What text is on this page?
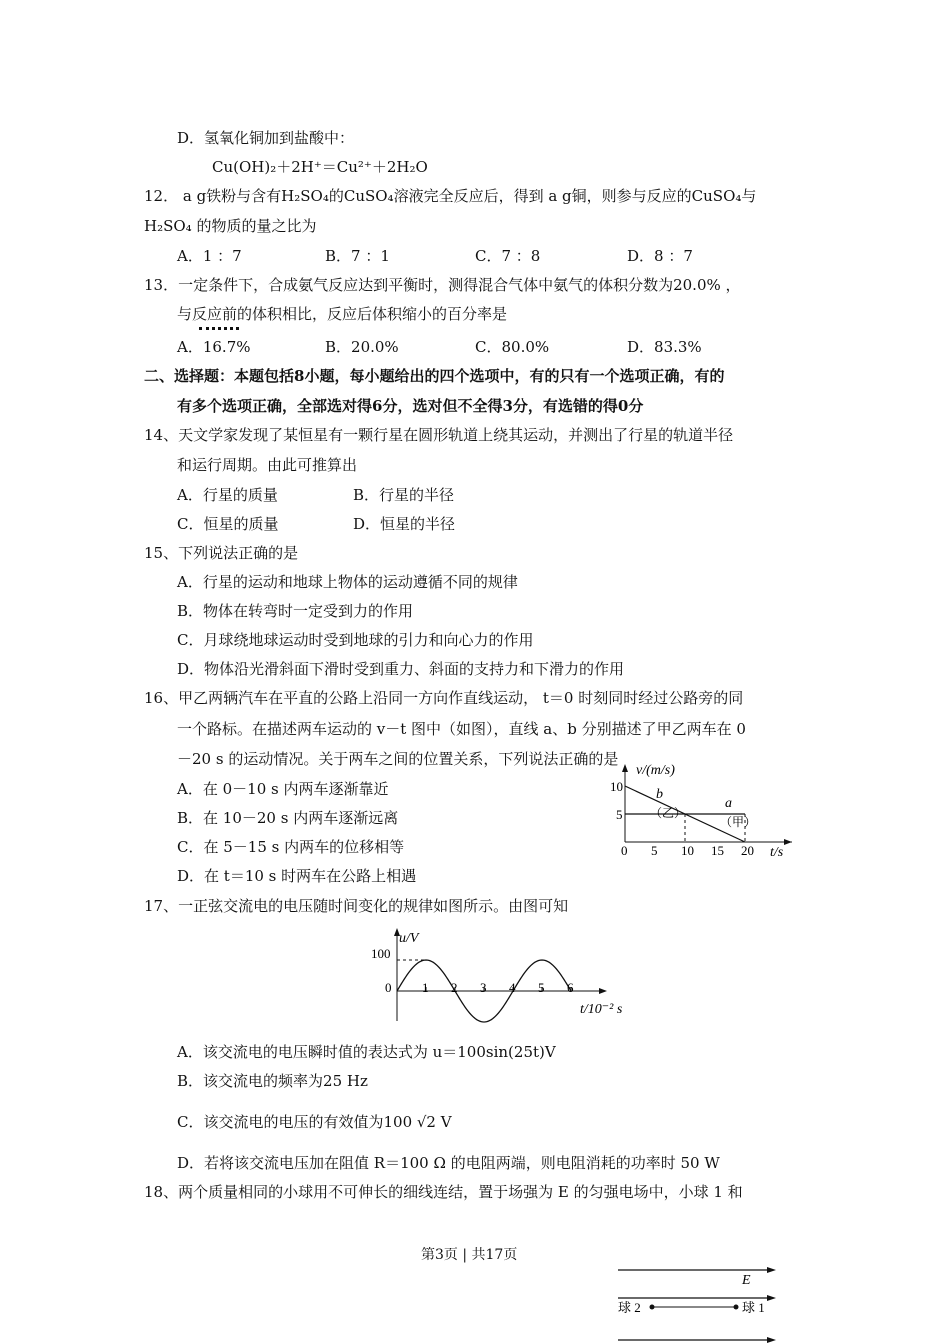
D．氢氧化铜加到盐酸中：
Cu(OH)₂＋2H⁺＝Cu²⁺＋2H₂O
12． a g铁粉与含有H₂SO₄的CuSO₄溶液完全反应后，得到 a g铜，则参与反应的CuSO₄与
H₂SO₄ 的物质的量之比为
A．1 ：7	B．7 ：1	C．7 ：8	D．8 ：7
13．一定条件下，合成氨气反应达到平衡时，测得混合气体中氨气的体积分数为20.0% ，
与反应前的体积相比，反应后体积缩小的百分率是
A．16.7%	B．20.0%	C．80.0%	D．83.3%
二、选择题：本题包括8小题，每小题给出的四个选项中，有的只有一个选项正确，有的
有多个选项正确，全部选对得6分，选对但不全得3分，有选错的得0分
14、天文学家发现了某恒星有一颗行星在圆形轨道上绕其运动，并测出了行星的轨道半径
和运行周期。由此可推算出
A．行星的质量	B．行星的半径
C．恒星的质量	D．恒星的半径
15、下列说法正确的是
A．行星的运动和地球上物体的运动遵循不同的规律
B．物体在转弯时一定受到力的作用
C．月球绕地球运动时受到地球的引力和向心力的作用
D．物体沿光滑斜面下滑时受到重力、斜面的支持力和下滑力的作用
16、甲乙两辆汽车在平直的公路上沿同一方向作直线运动， t＝0 时刻同时经过公路旁的同
一个路标。在描述两车运动的 v－t 图中（如图），直线 a、b 分别描述了甲乙两车在 0
－20 s 的运动情况。关于两车之间的位置关系，下列说法正确的是
A．在 0－10 s 内两车逐渐靠近
B．在 10－20 s 内两车逐渐远离
C．在 5－15 s 内两车的位移相等
D．在 t＝10 s 时两车在公路上相遇
0 5 10 15 20
10
5
v/(m/s)
t/s
b
（乙）
a
（甲）
17、一正弦交流电的电压随时间变化的规律如图所示。由图可知
1 2 3 4 5 6
u/V
100
0
t/10⁻² s
A．该交流电的电压瞬时值的表达式为 u＝100sin(25t)V
B．该交流电的频率为25 Hz
C．该交流电的电压的有效值为100 √2 V
D．若将该交流电压加在阻值 R＝100 Ω 的电阻两端，则电阻消耗的功率时 50 W
18、两个质量相同的小球用不可伸长的细线连结，置于场强为 E 的匀强电场中，小球 1 和
第3页 | 共17页
E
球 2	球 1
